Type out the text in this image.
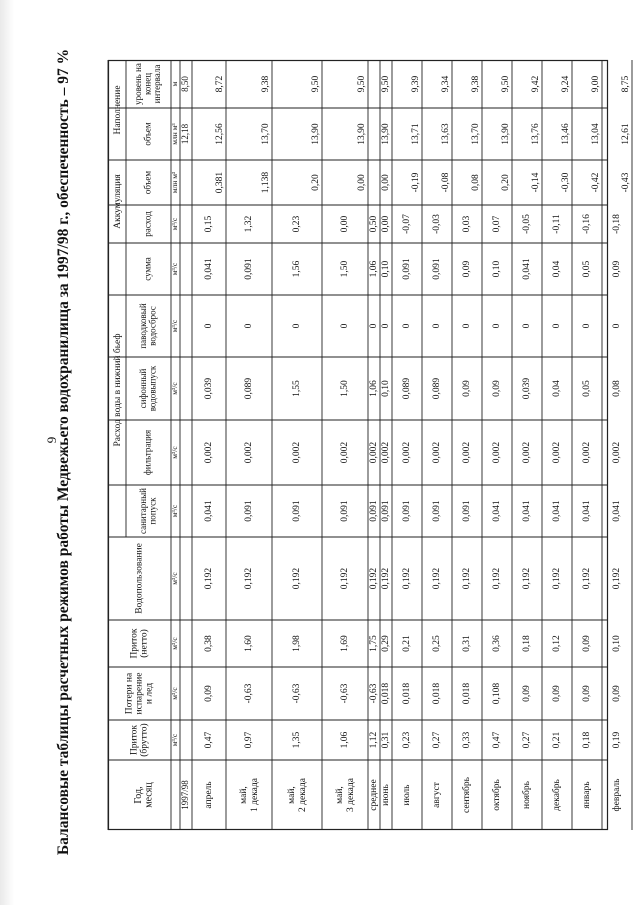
9
Балансовые таблицы расчетных режимов работы Медвежьего водохранилища за 1997/98 г., обеспеченность – 97 %	Наполнение
Аккумуляция
Расход воды в нижний бьеф
уровень на конец интервала
объем
объем
расход
сумма
паводковый водосброс
сифонный водовыпуск
фильтрация
санитарный попуск
Водопользование
Приток (нетто)
Потери на испарение и лед
Приток (брутто)
Год, месяц
м³/с
м³/с
м³/с
м³/с
м³/с
м³/с
м³/с
м³/с
м³/с
м³/с
млн м³
млн м³
м
1997/98
12,18
8,50
апрель
0,47
0,09
0,38
0,192
0,041
0,002
0,039
0
0,041
0,15
0,381
12,56
8,72
май, 1 декада
0,97
-0,63
1,60
0,192
0,091
0,002
0,089
0
0,091
1,32
1,138
13,70
9,38
май, 2 декада
1,35
-0,63
1,98
0,192
0,091
0,002
1,55
0
1,56
0,23
0,20
13,90
9,50
май, 3 декада
1,06
-0,63
1,69
0,192
0,091
0,002
1,50
0
1,50
0,00
0,00
13,90
9,50
среднее
1,12
-0,63
1,75
0,192
0,091
0,002
1,06
0
1,06
0,50
июнь
0,31
0,018
0,29
0,192
0,091
0,002
0,10
0
0,10
0,00
0,00
13,90
9,50
июль
0,23
0,018
0,21
0,192
0,091
0,002
0,089
0
0,091
-0,07
-0,19
13,71
9,39
август
0,27
0,018
0,25
0,192
0,091
0,002
0,089
0
0,091
-0,03
-0,08
13,63
9,34
сентябрь
0,33
0,018
0,31
0,192
0,091
0,002
0,09
0
0,09
0,03
0,08
13,70
9,38
октябрь
0,47
0,108
0,36
0,192
0,041
0,002
0,09
0
0,10
0,07
0,20
13,90
9,50
ноябрь
0,27
0,09
0,18
0,192
0,041
0,002
0,039
0
0,041
-0,05
-0,14
13,76
9,42
декабрь
0,21
0,09
0,12
0,192
0,041
0,002
0,04
0
0,04
-0,11
-0,30
13,46
9,24
январь
0,18
0,09
0,09
0,192
0,041
0,002
0,05
0
0,05
-0,16
-0,42
13,04
9,00
февраль
0,19
0,09
0,10
0,192
0,041
0,002
0,08
0
0,09
-0,18
-0,43
12,61
8,75
